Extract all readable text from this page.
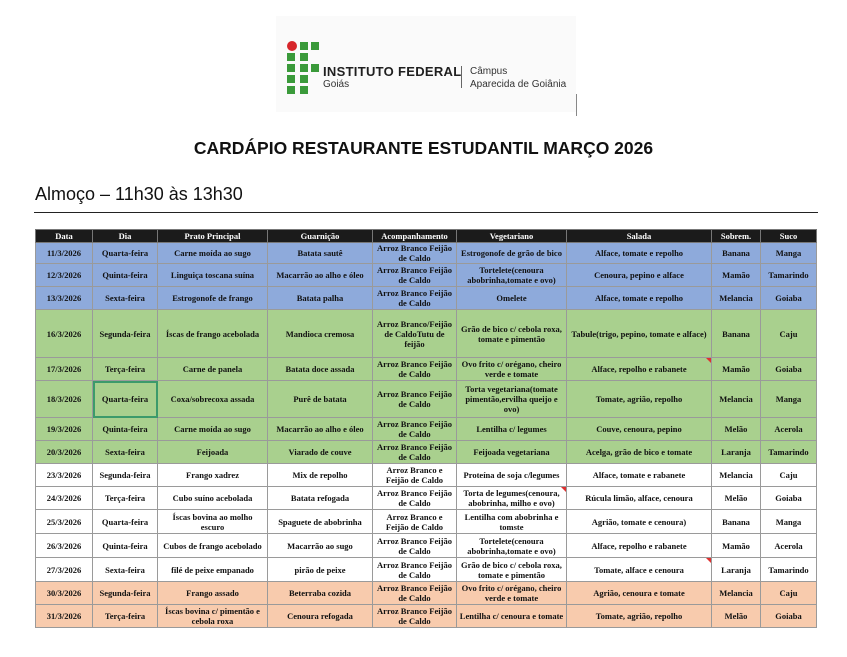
INSTITUTO FEDERAL
Goiás
Câmpus
Aparecida de Goiânia
CARDÁPIO RESTAURANTE ESTUDANTIL MARÇO 2026
Almoço – 11h30 às 13h30
Data	Dia	Prato Principal	Guarnição	Acompanhamento	Vegetariano	Salada	Sobrem.	Suco
11/3/2026	Quarta-feira	Carne moída ao sugo	Batata sautê	Arroz Branco Feijão de Caldo	Estrogonofe de grão de bico	Alface, tomate e repolho	Banana	Manga
12/3/2026	Quinta-feira	Linguiça toscana suína	Macarrão ao alho e óleo	Arroz Branco Feijão de Caldo	Tortelete(cenoura abobrinha,tomate e ovo)	Cenoura, pepino e alface	Mamão	Tamarindo
13/3/2026	Sexta-feira	Estrogonofe de frango	Batata palha	Arroz Branco Feijão de Caldo	Omelete	Alface, tomate e repolho	Melancia	Goiaba
16/3/2026	Segunda-feira	Íscas de frango acebolada	Mandioca cremosa	Arroz Branco/Feijão de CaldoTutu de feijão	Grão de bico c/ cebola roxa, tomate e pimentão	Tabule(trigo, pepino, tomate e alface)	Banana	Caju
17/3/2026	Terça-feira	Carne de panela	Batata doce assada	Arroz Branco Feijão de Caldo	Ovo frito c/ orégano, cheiro verde e tomate	Alface, repolho e rabanete	Mamão	Goiaba
18/3/2026	Quarta-feira	Coxa/sobrecoxa assada	Purê de batata	Arroz Branco Feijão de Caldo	Torta vegetariana(tomate pimentão,ervilha queijo e ovo)	Tomate, agrião, repolho	Melancia	Manga
19/3/2026	Quinta-feira	Carne moída ao sugo	Macarrão ao alho e óleo	Arroz Branco Feijão de Caldo	Lentilha c/ legumes	Couve, cenoura, pepino	Melão	Acerola
20/3/2026	Sexta-feira	Feijoada	Viarado de couve	Arroz Branco Feijão de Caldo	Feijoada vegetariana	Acelga, grão de bico e tomate	Laranja	Tamarindo
23/3/2026	Segunda-feira	Frango xadrez	Mix de repolho	Arroz Branco e Feijão de Caldo	Proteína de soja c/legumes	Alface, tomate e rabanete	Melancia	Caju
24/3/2026	Terça-feira	Cubo suíno acebolada	Batata refogada	Arroz Branco Feijão de Caldo	Torta de legumes(cenoura, abobrinha, milho e ovo)	Rúcula limão, alface, cenoura	Melão	Goiaba
25/3/2026	Quarta-feira	Íscas bovina ao molho escuro	Spaguete de abobrinha	Arroz Branco e Feijão de Caldo	Lentilha com abobrinha e tomste	Agrião, tomate e cenoura)	Banana	Manga
26/3/2026	Quinta-feira	Cubos de frango acebolado	Macarrão ao sugo	Arroz Branco Feijão de Caldo	Tortelete(cenoura abobrinha,tomate e ovo)	Alface, repolho e rabanete	Mamão	Acerola
27/3/2026	Sexta-feira	filé de peixe empanado	pirão de peixe	Arroz Branco Feijão de Caldo	Grão de bico c/ cebola roxa, tomate e pimentão	Tomate, alface e cenoura	Laranja	Tamarindo
30/3/2026	Segunda-feira	Frango assado	Beterraba cozida	Arroz Branco Feijão de Caldo	Ovo frito c/ orégano, cheiro verde e tomate	Agrião, cenoura e tomate	Melancia	Caju
31/3/2026	Terça-feira	Íscas bovina c/ pimentão e cebola roxa	Cenoura refogada	Arroz Branco Feijão de Caldo	Lentilha c/ cenoura e tomate	Tomate, agrião, repolho	Melão	Goiaba
